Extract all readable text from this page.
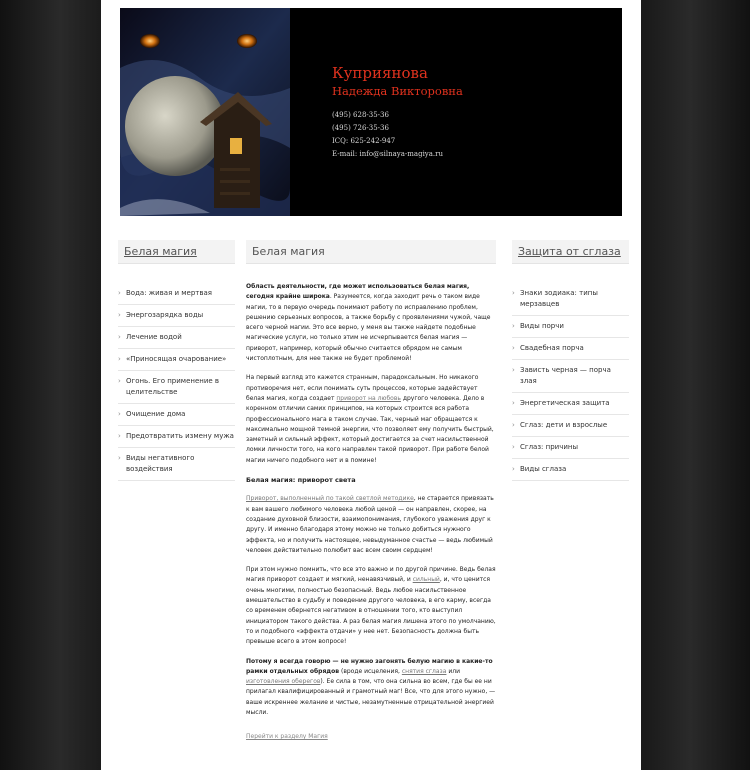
Куприянова
Надежда Викторовна
(495) 628-35-36
(495) 726-35-36
ICQ: 625-242-947
E-mail: info@silnaya-magiya.ru
Белая магия
› Вода: живая и мертвая
› Энергозарядка воды
› Лечение водой
› «Приносящая очарование»
› Огонь. Его применение в целительстве
› Очищение дома
› Предотвратить измену мужа
› Виды негативного воздействия
Белая магия

Область деятельности, где может использоваться белая магия, сегодня крайне широка. Разумеется, когда заходит речь о таком виде магии, то в первую очередь понимают работу по исправлению проблем, решению серьезных вопросов, а также борьбу с проявлениями чужой, чаще всего черной магии. Это все верно, у меня вы также найдете подобные магические услуги, но только этим не исчерпывается белая магия — приворот, например, который обычно считается обрядом не самым чистоплотным, для нее также не будет проблемой!

На первый взгляд это кажется странным, парадоксальным. Но никакого противоречия нет, если понимать суть процессов, которые задействует белая магия, когда создает приворот на любовь другого человека. Дело в коренном отличии самих принципов, на которых строится вся работа профессионального мага в таком случае. Так, черный маг обращается к максимально мощной темной энергии, что позволяет ему получить быстрый, заметный и сильный эффект, который достигается за счет насильственной ломки личности того, на кого направлен такой приворот. При работе белой магии ничего подобного нет и в помине!

Белая магия: приворот света

Приворот, выполненный по такой светлой методике, не старается привязать к вам вашего любимого человека любой ценой — он направлен, скорее, на создание духовной близости, взаимопонимания, глубокого уважения друг к другу. И именно благодаря этому можно не только добиться нужного эффекта, но и получить настоящее, невыдуманное счастье — ведь любимый человек действительно полюбит вас всем своим сердцем!

При этом нужно помнить, что все это важно и по другой причине. Ведь белая магия приворот создает и мягкий, ненавязчивый, и сильный, и, что ценится очень многими, полностью безопасный. Ведь любое насильственное вмешательство в судьбу и поведение другого человека, в его карму, всегда со временем обернется негативом в отношении того, кто выступил инициатором такого действа. А раз белая магия лишена этого по умолчанию, то и подобного «эффекта отдачи» у нее нет. Безопасность должна быть превыше всего в этом вопросе!

Потому я всегда говорю — не нужно загонять белую магию в какие-то рамки отдельных обрядов (вроде исцеления, снятия сглаза или изготовления оберегов). Ее сила в том, что она сильна во всем, где бы ее ни прилагал квалифицированный и грамотный маг! Все, что для этого нужно, — ваше искреннее желание и чистые, незамутненные отрицательной энергией мысли.

Перейти к разделу Магия

Защита от сглаза
› Знаки зодиака: типы мерзавцев
› Виды порчи
› Свадебная порча
› Зависть черная — порча злая
› Энергетическая защита
› Сглаз: дети и взрослые
› Сглаз: причины
› Виды сглаза
